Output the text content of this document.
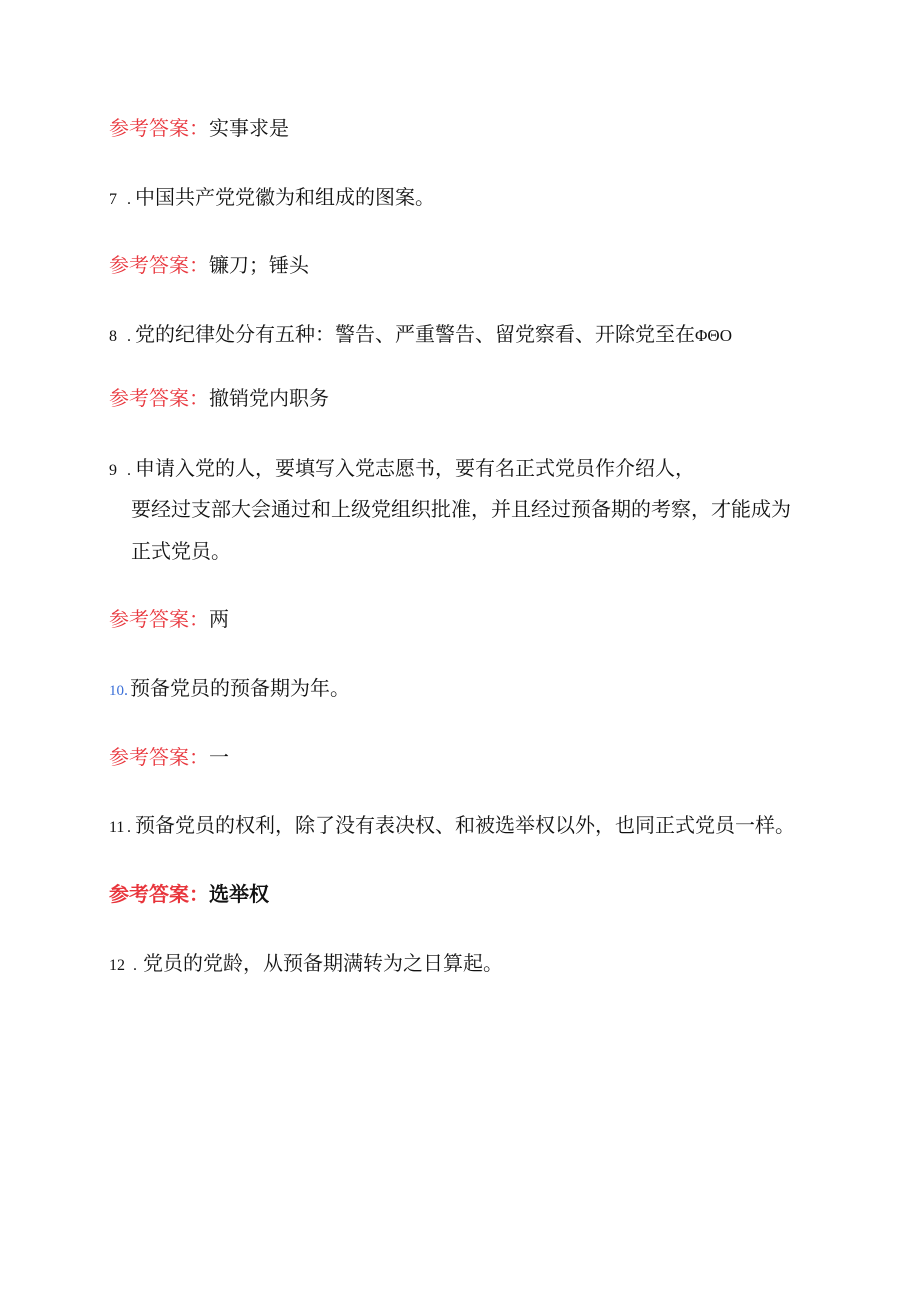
参考答案：实事求是
7 . 中国共产党党徽为和组成的图案。
参考答案：镰刀；锤头
8 . 党的纪律处分有五种：警告、严重警告、留党察看、开除党至在ΦΘO
参考答案：撤销党内职务
9 . 申请入党的人，要填写入党志愿书，要有名正式党员作介绍人，
要经过支部大会通过和上级党组织批准，并且经过预备期的考察，才能成为
正式党员。
参考答案：两
10. 预备党员的预备期为年。
参考答案：一
11 . 预备党员的权利，除了没有表决权、和被选举权以外，也同正式党员一样。
参考答案：选举权
12 . 党员的党龄，从预备期满转为之日算起。
